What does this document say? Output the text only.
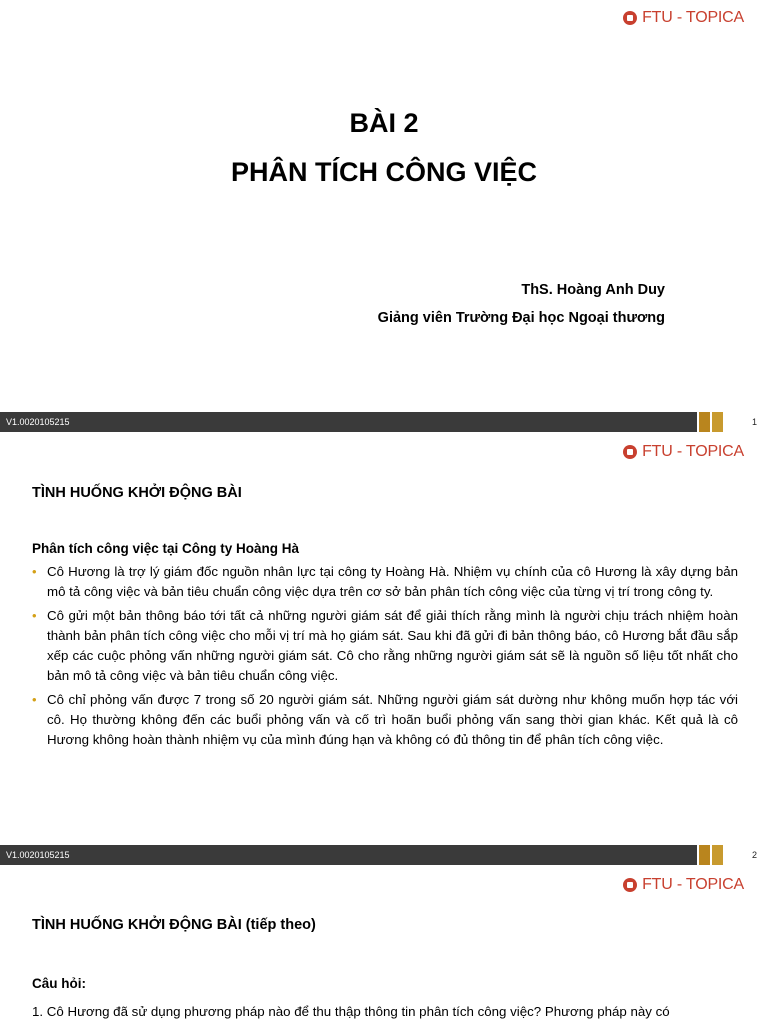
FTU - TOPICA
BÀI 2
PHÂN TÍCH CÔNG VIỆC
ThS. Hoàng Anh Duy
Giảng viên Trường Đại học Ngoại thương
V1.0020105215	1
FTU - TOPICA
TÌNH HUỐNG KHỞI ĐỘNG BÀI
Phân tích công việc tại Công ty Hoàng Hà
• Cô Hương là trợ lý giám đốc nguồn nhân lực tại công ty Hoàng Hà. Nhiệm vụ chính của cô Hương là xây dựng bản mô tả công việc và bản tiêu chuẩn công việc dựa trên cơ sở bản phân tích công việc của từng vị trí trong công ty.
• Cô gửi một bản thông báo tới tất cả những người giám sát để giải thích rằng mình là người chịu trách nhiệm hoàn thành bản phân tích công việc cho mỗi vị trí mà họ giám sát. Sau khi đã gửi đi bản thông báo, cô Hương bắt đầu sắp xếp các cuộc phỏng vấn những người giám sát. Cô cho rằng những người giám sát sẽ là nguồn số liệu tốt nhất cho bản mô tả công việc và bản tiêu chuẩn công việc.
• Cô chỉ phỏng vấn được 7 trong số 20 người giám sát. Những người giám sát dường như không muốn hợp tác với cô. Họ thường không đến các buổi phỏng vấn và cố trì hoãn buổi phỏng vấn sang thời gian khác. Kết quả là cô Hương không hoàn thành nhiệm vụ của mình đúng hạn và không có đủ thông tin để phân tích công việc.
V1.0020105215	2
FTU - TOPICA
TÌNH HUỐNG KHỞI ĐỘNG BÀI (tiếp theo)
Câu hỏi:
1. Cô Hương đã sử dụng phương pháp nào để thu thập thông tin phân tích công việc? Phương pháp này có
